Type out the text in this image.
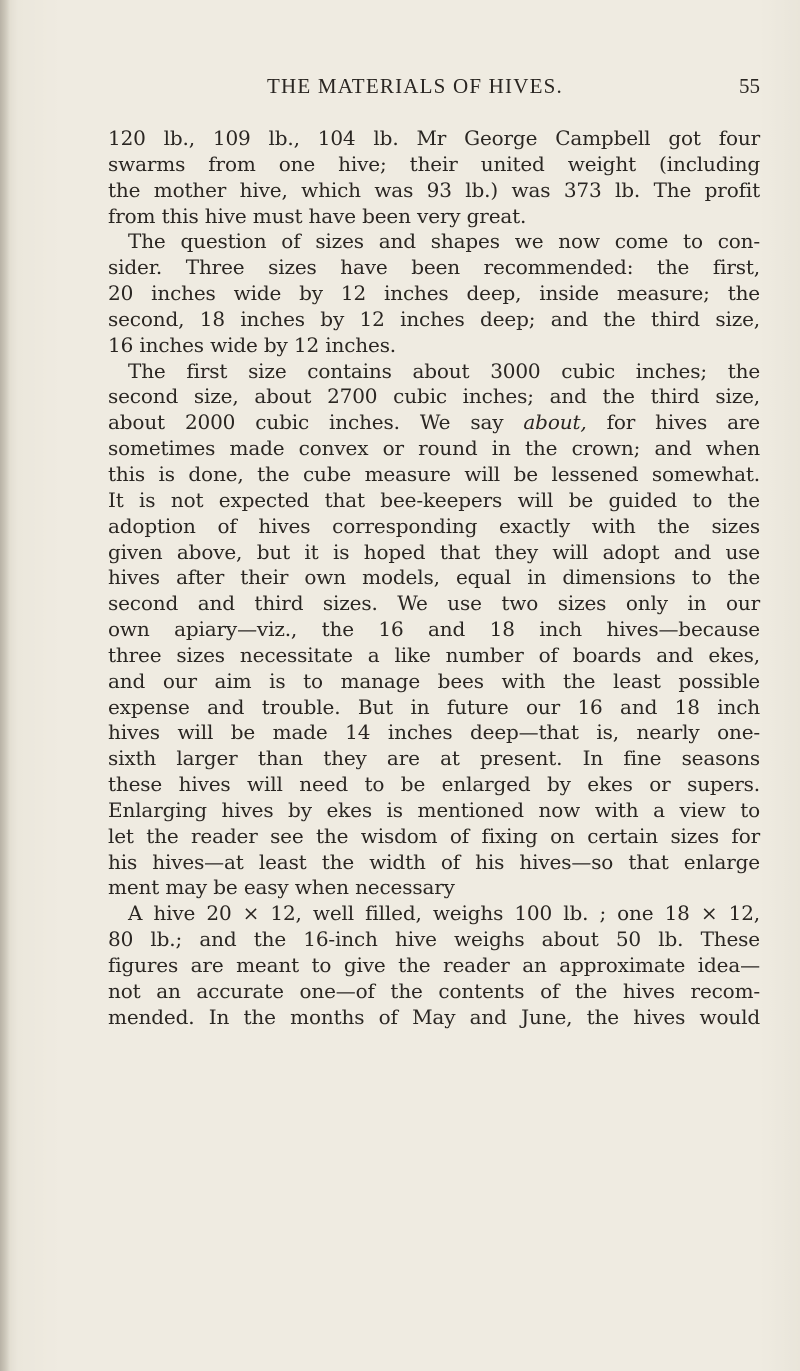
THE MATERIALS OF HIVES.	55
120 lb., 109 lb., 104 lb. Mr George Campbell got four
swarms from one hive; their united weight (including
the mother hive, which was 93 lb.) was 373 lb. The profit
from this hive must have been very great.
The question of sizes and shapes we now come to con-
sider. Three sizes have been recommended: the first,
20 inches wide by 12 inches deep, inside measure; the
second, 18 inches by 12 inches deep; and the third size,
16 inches wide by 12 inches.
The first size contains about 3000 cubic inches; the
second size, about 2700 cubic inches; and the third size,
about 2000 cubic inches. We say about, for hives are
sometimes made convex or round in the crown; and when
this is done, the cube measure will be lessened somewhat.
It is not expected that bee-keepers will be guided to the
adoption of hives corresponding exactly with the sizes
given above, but it is hoped that they will adopt and use
hives after their own models, equal in dimensions to the
second and third sizes. We use two sizes only in our
own apiary—viz., the 16 and 18 inch hives—because
three sizes necessitate a like number of boards and ekes,
and our aim is to manage bees with the least possible
expense and trouble. But in future our 16 and 18 inch
hives will be made 14 inches deep—that is, nearly one-
sixth larger than they are at present. In fine seasons
these hives will need to be enlarged by ekes or supers.
Enlarging hives by ekes is mentioned now with a view to
let the reader see the wisdom of fixing on certain sizes for
his hives—at least the width of his hives—so that enlarge
ment may be easy when necessary
A hive 20 × 12, well filled, weighs 100 lb. ; one 18 × 12,
80 lb.; and the 16-inch hive weighs about 50 lb. These
figures are meant to give the reader an approximate idea—
not an accurate one—of the contents of the hives recom-
mended. In the months of May and June, the hives would
